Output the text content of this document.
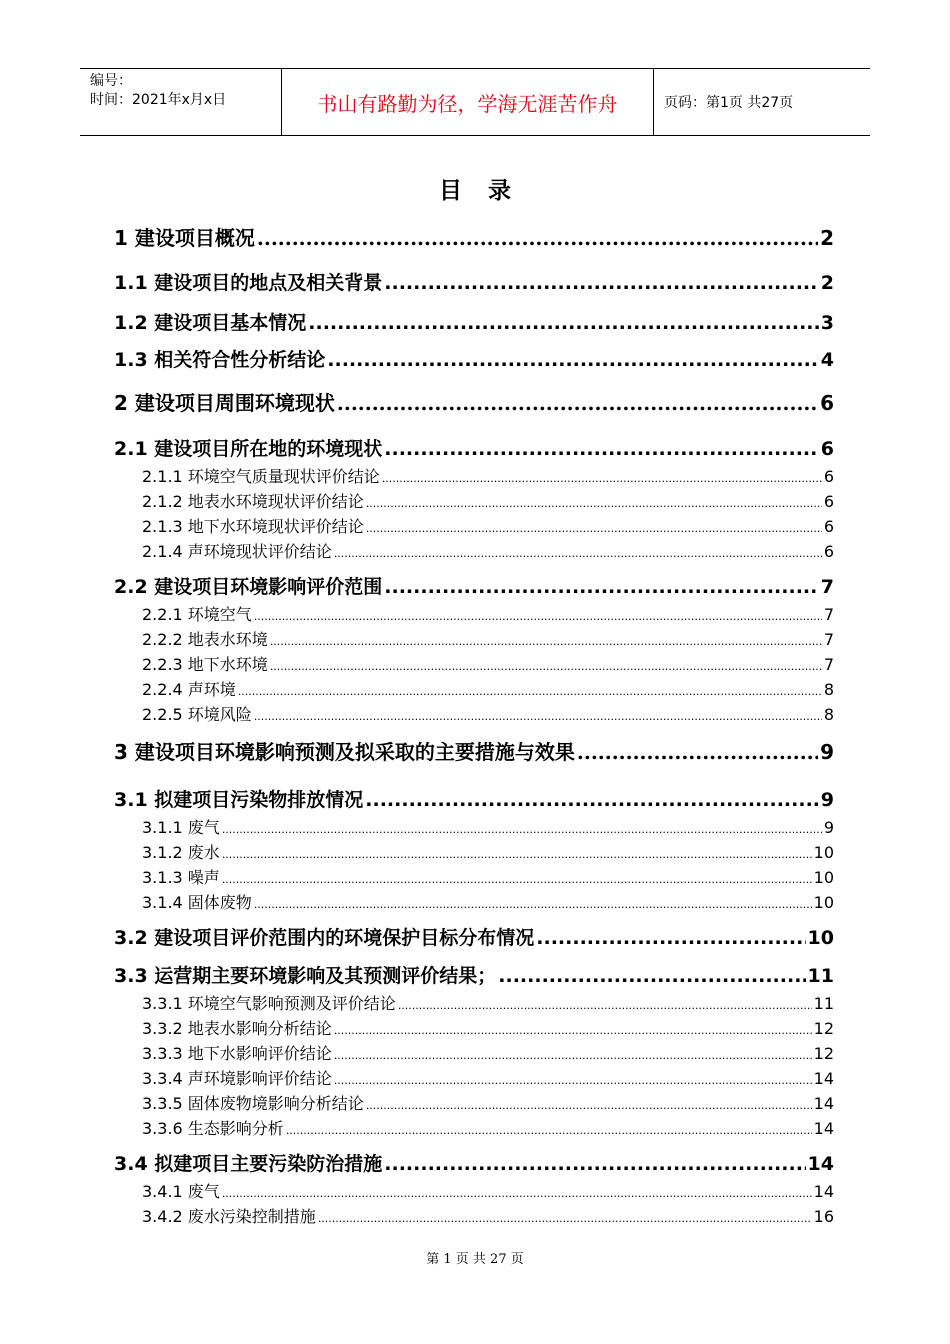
编号：
时间：2021年x月x日	书山有路勤为径，学海无涯苦作舟	页码：第1页 共27页
目录
1 建设项目概况 .....	2
1.1 建设项目的地点及相关背景 .....	2
1.2 建设项目基本情况 .....	3
1.3 相关符合性分析结论 .....	4
2 建设项目周围环境现状 .....	6
2.1 建设项目所在地的环境现状 .....	6
2.1.1 环境空气质量现状评价结论 .....	6
2.1.2 地表水环境现状评价结论 .....	6
2.1.3 地下水环境现状评价结论 .....	6
2.1.4 声环境现状评价结论 .....	6
2.2 建设项目环境影响评价范围 .....	7
2.2.1 环境空气 .....	7
2.2.2 地表水环境 .....	7
2.2.3 地下水环境 .....	7
2.2.4 声环境 .....	8
2.2.5 环境风险 .....	8
3 建设项目环境影响预测及拟采取的主要措施与效果 .....	9
3.1 拟建项目污染物排放情况 .....	9
3.1.1 废气 .....	9
3.1.2 废水 .....	10
3.1.3 噪声 .....	10
3.1.4 固体废物 .....	10
3.2 建设项目评价范围内的环境保护目标分布情况 .....	10
3.3 运营期主要环境影响及其预测评价结果； .....	11
3.3.1 环境空气影响预测及评价结论 .....	11
3.3.2 地表水影响分析结论 .....	12
3.3.3 地下水影响评价结论 .....	12
3.3.4 声环境影响评价结论 .....	14
3.3.5 固体废物境影响分析结论 .....	14
3.3.6 生态影响分析 .....	14
3.4 拟建项目主要污染防治措施 .....	14
3.4.1 废气 .....	14
3.4.2 废水污染控制措施 .....	16
第 1 页 共 27 页
